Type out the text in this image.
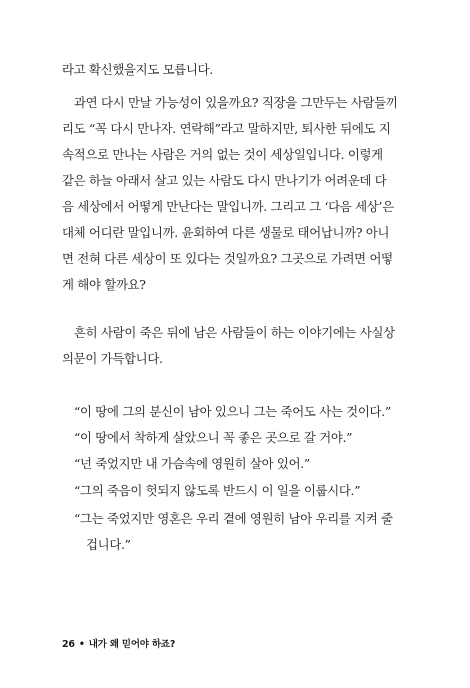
라고 확신했을지도 모릅니다.
과연 다시 만날 가능성이 있을까요? 직장을 그만두는 사람들끼
리도 “꼭 다시 만나자. 연락해”라고 말하지만, 퇴사한 뒤에도 지
속적으로 만나는 사람은 거의 없는 것이 세상일입니다. 이렇게
같은 하늘 아래서 살고 있는 사람도 다시 만나기가 어려운데 다
음 세상에서 어떻게 만난다는 말입니까. 그리고 그 ‘다음 세상’은
대체 어디란 말입니까. 윤회하여 다른 생물로 태어납니까? 아니
면 전혀 다른 세상이 또 있다는 것일까요? 그곳으로 가려면 어떻
게 해야 할까요?
흔히 사람이 죽은 뒤에 남은 사람들이 하는 이야기에는 사실상
의문이 가득합니다.
“이 땅에 그의 분신이 남아 있으니 그는 죽어도 사는 것이다.”
“이 땅에서 착하게 살았으니 꼭 좋은 곳으로 갈 거야.”
“넌 죽었지만 내 가슴속에 영원히 살아 있어.”
“그의 죽음이 헛되지 않도록 반드시 이 일을 이룹시다.”
“그는 죽었지만 영혼은 우리 곁에 영원히 남아 우리를 지켜 줄
겁니다.”
26 • 내가 왜 믿어야 하죠?
